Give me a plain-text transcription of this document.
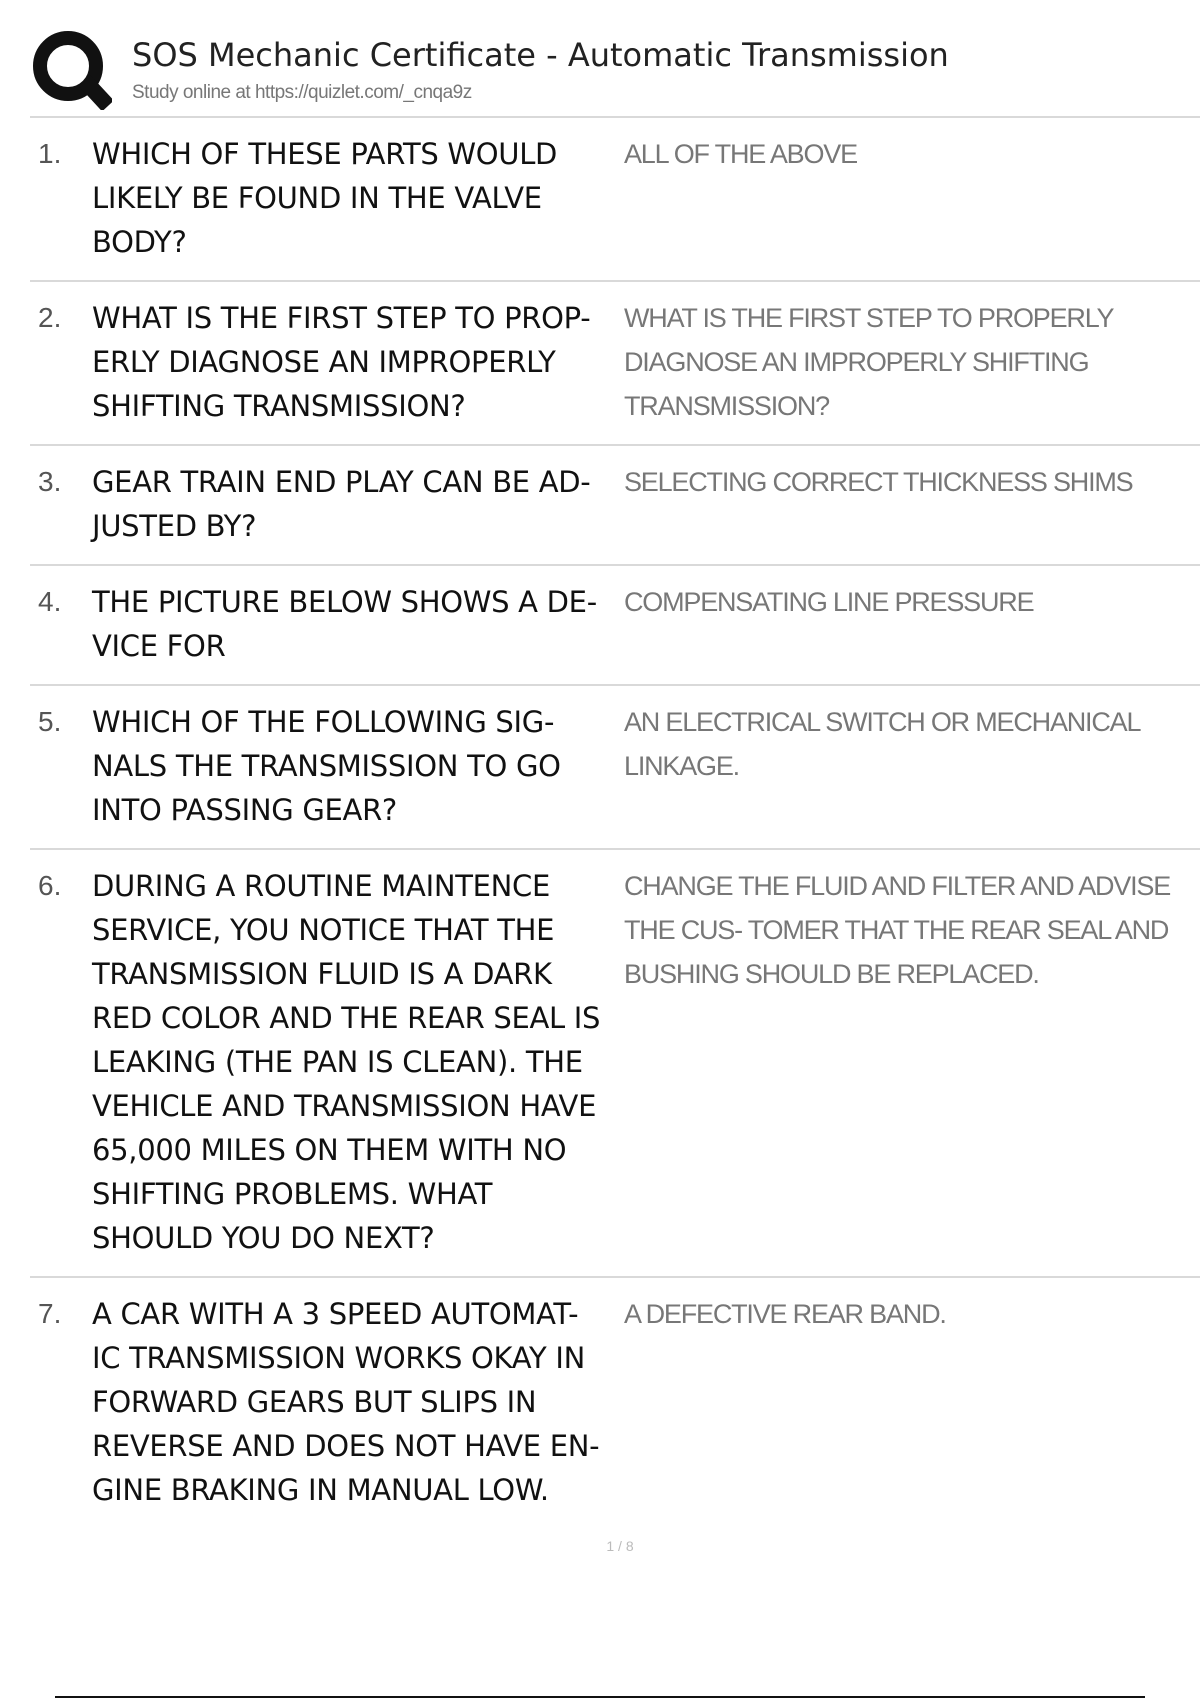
SOS Mechanic Certificate - Automatic Transmission
Study online at https://quizlet.com/_cnqa9z
1.	WHICH OF THESE PARTS WOULD LIKELY BE FOUND IN THE VALVE BODY?
ALL OF THE ABOVE
2.	WHAT IS THE FIRST STEP TO PROP- ERLY DIAGNOSE AN IMPROPERLY SHIFTING TRANSMISSION?
WHAT IS THE FIRST STEP TO PROPERLY DIAGNOSE AN IMPROPERLY SHIFTING TRANSMISSION?
3.	GEAR TRAIN END PLAY CAN BE AD- JUSTED BY?
SELECTING CORRECT THICKNESS SHIMS
4.	THE PICTURE BELOW SHOWS A DE- VICE FOR
COMPENSATING LINE PRESSURE
5.	WHICH OF THE FOLLOWING SIG- NALS THE TRANSMISSION TO GO INTO PASSING GEAR?
AN ELECTRICAL SWITCH OR MECHANICAL LINKAGE.
6.	DURING A ROUTINE MAINTENCE SERVICE, YOU NOTICE THAT THE TRANSMISSION FLUID IS A DARK RED COLOR AND THE REAR SEAL IS LEAKING (THE PAN IS CLEAN). THE VEHICLE AND TRANSMISSION HAVE 65,000 MILES ON THEM WITH NO SHIFTING PROBLEMS. WHAT SHOULD YOU DO NEXT?
CHANGE THE FLUID AND FILTER AND ADVISE THE CUS- TOMER THAT THE REAR SEAL AND BUSHING SHOULD BE REPLACED.
7.	A CAR WITH A 3 SPEED AUTOMAT- IC TRANSMISSION WORKS OKAY IN FORWARD GEARS BUT SLIPS IN REVERSE AND DOES NOT HAVE EN- GINE BRAKING IN MANUAL LOW.
A DEFECTIVE REAR BAND.
1 / 8
